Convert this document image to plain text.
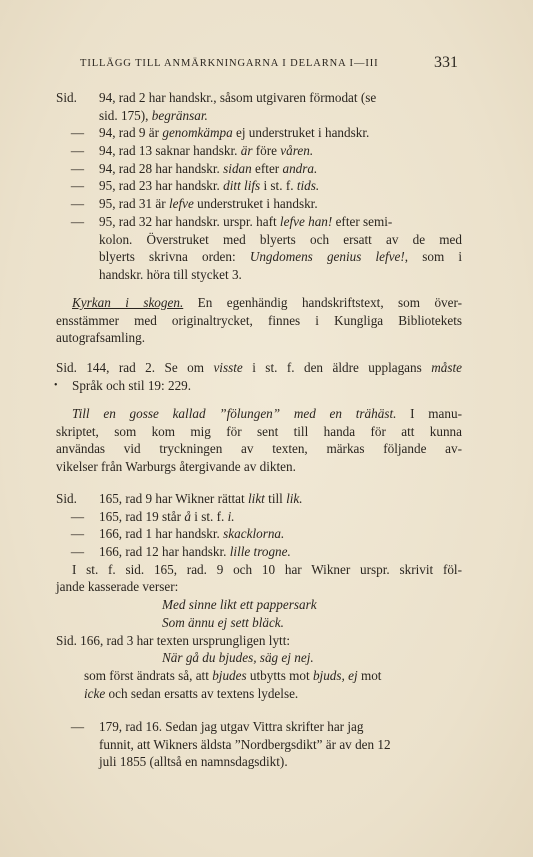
TILLÄGG TILL ANMÄRKNINGARNA I DELARNA I—III	331
Sid. 94, rad 2 har handskr., såsom utgivaren förmodat (se
sid. 175), begränsar.
— 94, rad 9 är genomkämpa ej understruket i handskr.
— 94, rad 13 saknar handskr. är före våren.
— 94, rad 28 har handskr. sidan efter andra.
— 95, rad 23 har handskr. ditt lifs i st. f. tids.
— 95, rad 31 är lefve understruket i handskr.
— 95, rad 32 har handskr. urspr. haft lefve han! efter semi-
kolon. Överstruket med blyerts och ersatt av de med
blyerts skrivna orden: Ungdomens genius lefve!, som i
handskr. höra till stycket 3.
Kyrkan i skogen. En egenhändig handskriftstext, som över-
ensstämmer med originaltrycket, finnes i Kungliga Bibliotekets
autografsamling.
Sid. 144, rad 2. Se om visste i st. f. den äldre upplagans måste
Språk och stil 19: 229.
•
Till en gosse kallad ”fölungen” med en trähäst. I manu-
skriptet, som kom mig för sent till handa för att kunna
användas vid tryckningen av texten, märkas följande av-
vikelser från Warburgs återgivande av dikten.
Sid. 165, rad 9 har Wikner rättat likt till lik.
— 165, rad 19 står å i st. f. i.
— 166, rad 1 har handskr. skacklorna.
— 166, rad 12 har handskr. lille trogne.
I st. f. sid. 165, rad. 9 och 10 har Wikner urspr. skrivit föl-
jande kasserade verser:
Med sinne likt ett pappersark
Som ännu ej sett bläck.
Sid. 166, rad 3 har texten ursprungligen lytt:
När gå du bjudes, säg ej nej.
som först ändrats så, att bjudes utbytts mot bjuds, ej mot
icke och sedan ersatts av textens lydelse.
— 179, rad 16. Sedan jag utgav Vittra skrifter har jag
funnit, att Wikners äldsta ”Nordbergsdikt” är av den 12
juli 1855 (alltså en namnsdagsdikt).
